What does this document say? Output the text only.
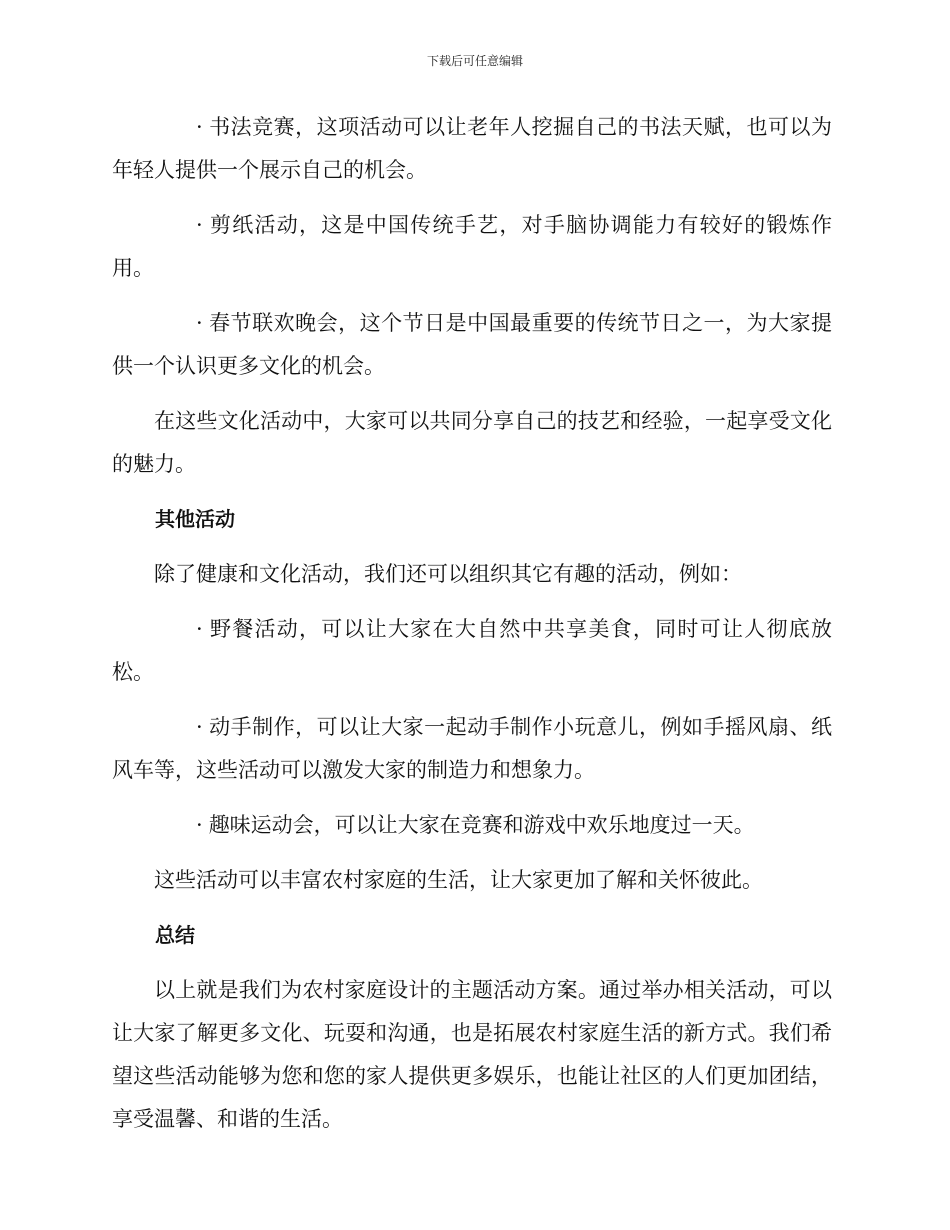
下载后可任意编辑

· 书法竞赛，这项活动可以让老年人挖掘自己的书法天赋，也可以为年轻人提供一个展示自己的机会。

· 剪纸活动，这是中国传统手艺，对手脑协调能力有较好的锻炼作用。

· 春节联欢晚会，这个节日是中国最重要的传统节日之一，为大家提供一个认识更多文化的机会。

在这些文化活动中，大家可以共同分享自己的技艺和经验，一起享受文化的魅力。

其他活动

除了健康和文化活动，我们还可以组织其它有趣的活动，例如：

· 野餐活动，可以让大家在大自然中共享美食，同时可让人彻底放松。

· 动手制作，可以让大家一起动手制作小玩意儿，例如手摇风扇、纸风车等，这些活动可以激发大家的制造力和想象力。

· 趣味运动会，可以让大家在竞赛和游戏中欢乐地度过一天。

这些活动可以丰富农村家庭的生活，让大家更加了解和关怀彼此。

总结

以上就是我们为农村家庭设计的主题活动方案。通过举办相关活动，可以让大家了解更多文化、玩耍和沟通，也是拓展农村家庭生活的新方式。我们希望这些活动能够为您和您的家人提供更多娱乐，也能让社区的人们更加团结，享受温馨、和谐的生活。
